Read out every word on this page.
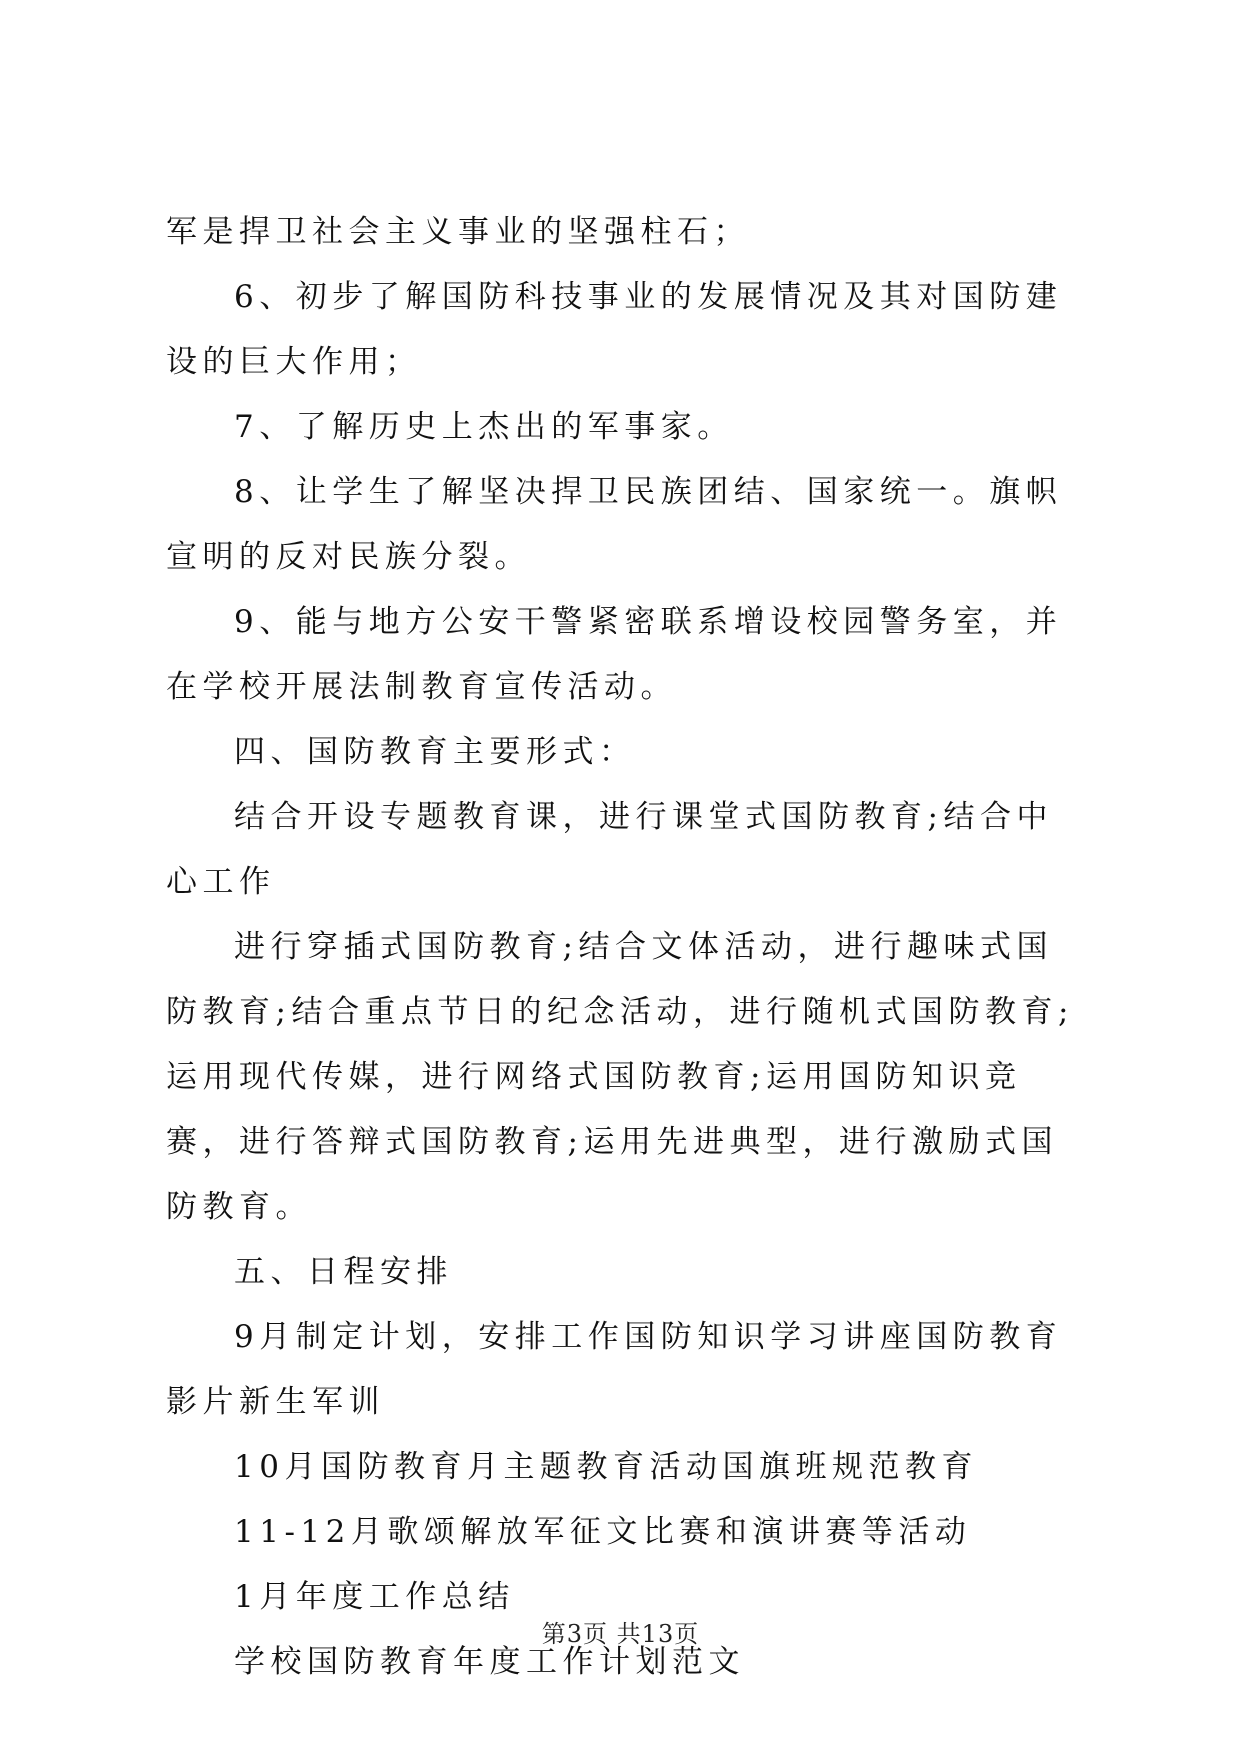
军是捍卫社会主义事业的坚强柱石；

6、初步了解国防科技事业的发展情况及其对国防建设的巨大作用；

7、了解历史上杰出的军事家。

8、让学生了解坚决捍卫民族团结、国家统一。旗帜宣明的反对民族分裂。

9、能与地方公安干警紧密联系增设校园警务室，并在学校开展法制教育宣传活动。

四、国防教育主要形式：

结合开设专题教育课，进行课堂式国防教育;结合中心工作

进行穿插式国防教育;结合文体活动，进行趣味式国防教育;结合重点节日的纪念活动，进行随机式国防教育;运用现代传媒，进行网络式国防教育;运用国防知识竞赛，进行答辩式国防教育;运用先进典型，进行激励式国防教育。

五、日程安排

9月制定计划，安排工作国防知识学习讲座国防教育影片新生军训

10月国防教育月主题教育活动国旗班规范教育

11-12月歌颂解放军征文比赛和演讲赛等活动

1月年度工作总结

学校国防教育年度工作计划范文

第3页 共13页
